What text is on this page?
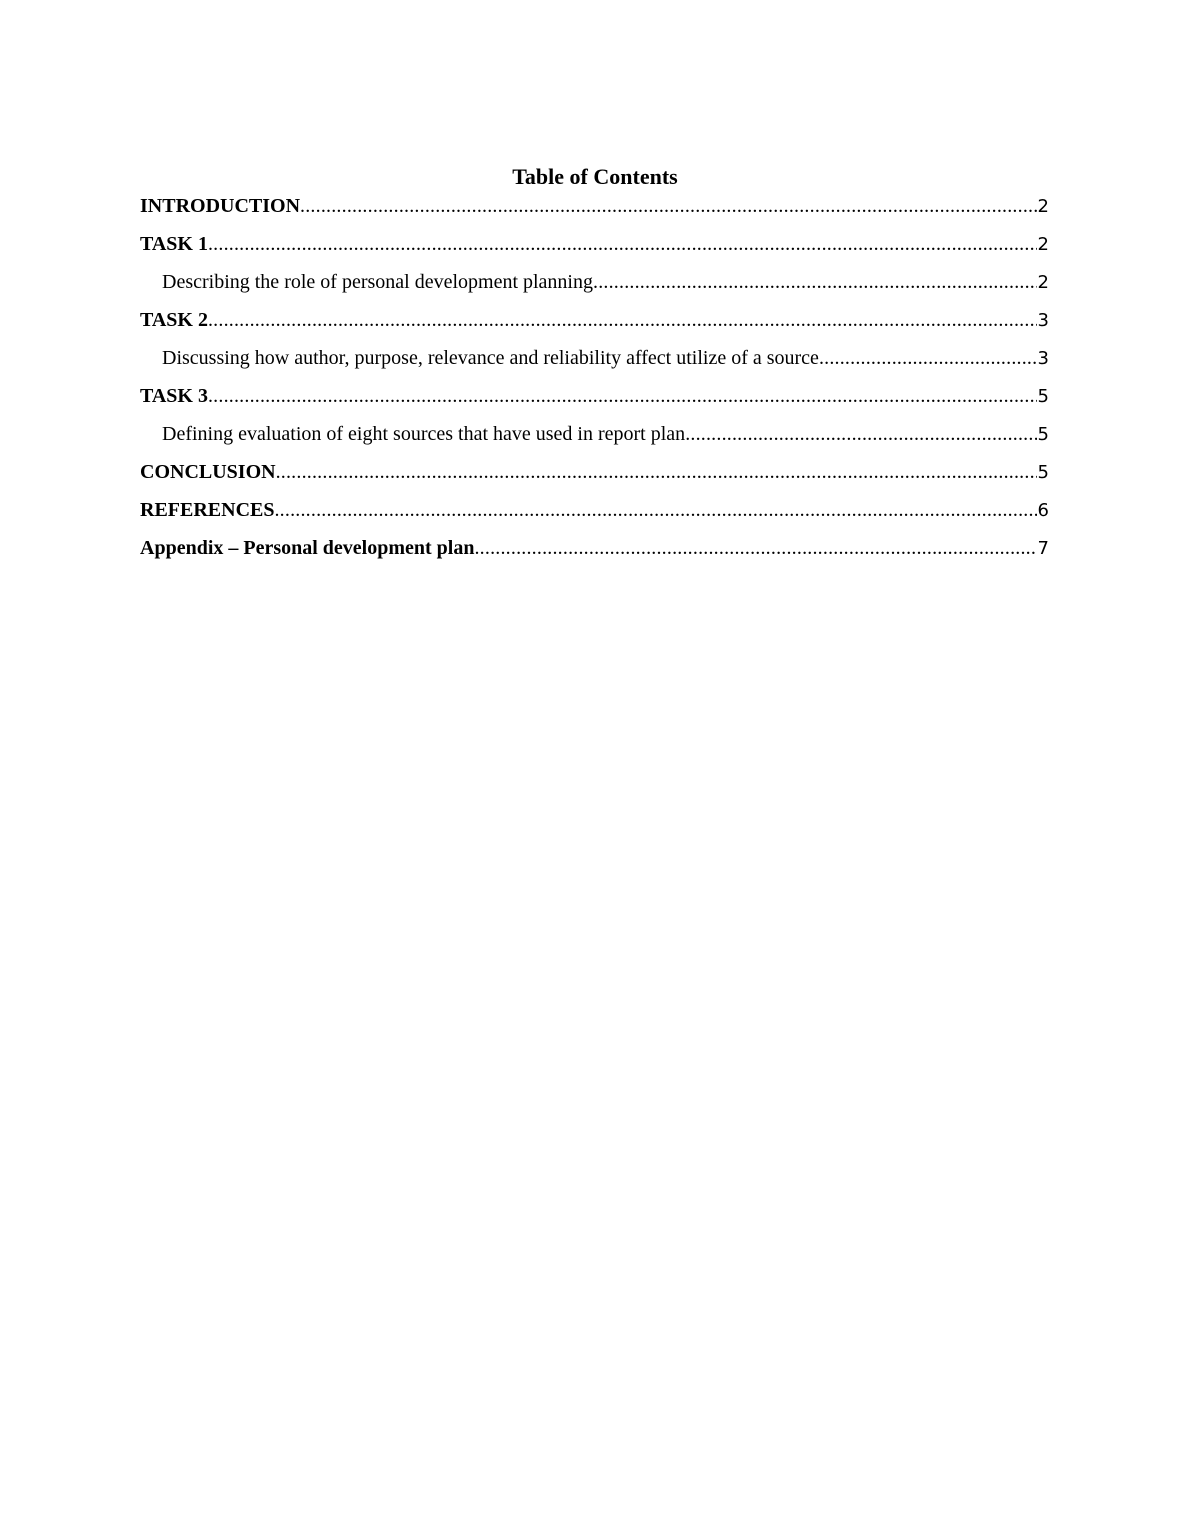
Table of Contents
INTRODUCTION .....	2
TASK 1 .....	2
Describing the role of personal development planning .....	2
TASK 2 .....	3
Discussing how author, purpose, relevance and reliability affect utilize of a source .....	3
TASK 3 .....	5
Defining evaluation of eight sources that have used in report plan .....	5
CONCLUSION .....	5
REFERENCES .....	6
Appendix – Personal development plan .....	7
